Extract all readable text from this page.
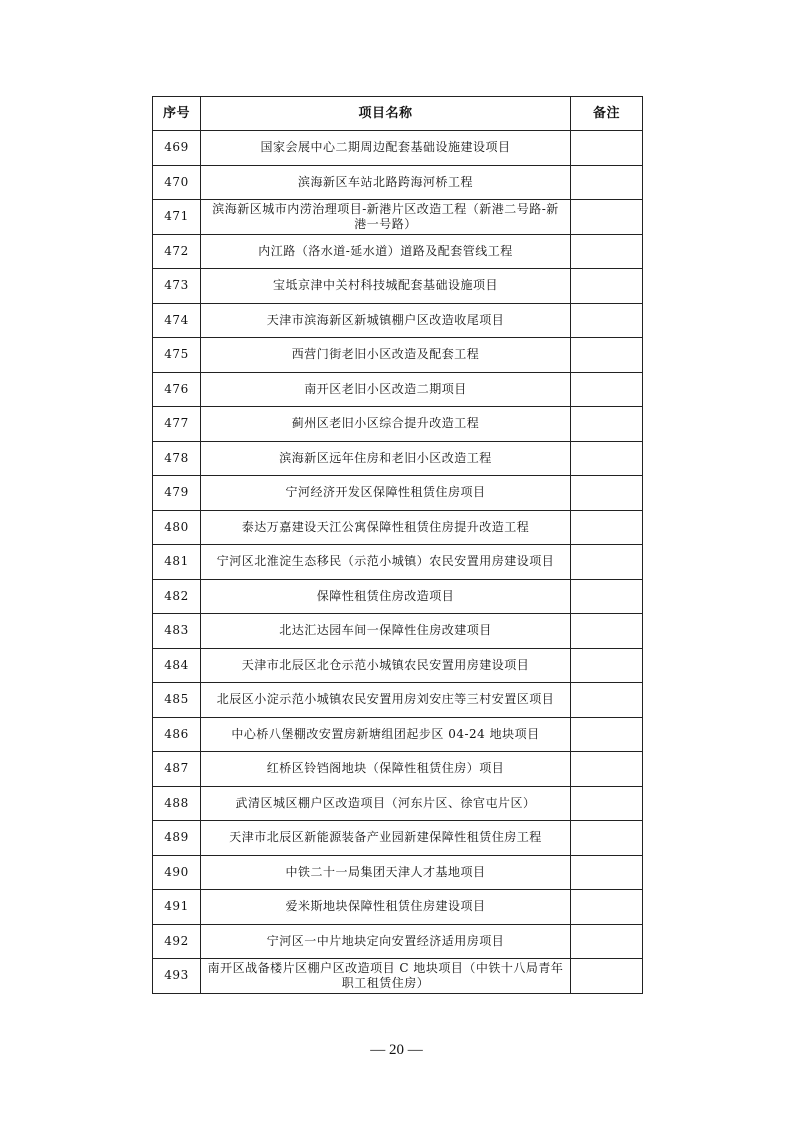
序号	项目名称	备注
469	国家会展中心二期周边配套基础设施建设项目	
470	滨海新区车站北路跨海河桥工程	
471	滨海新区城市内涝治理项目-新港片区改造工程（新港二号路-新港一号路）	
472	内江路（洛水道-延水道）道路及配套管线工程	
473	宝坻京津中关村科技城配套基础设施项目	
474	天津市滨海新区新城镇棚户区改造收尾项目	
475	西营门街老旧小区改造及配套工程	
476	南开区老旧小区改造二期项目	
477	蓟州区老旧小区综合提升改造工程	
478	滨海新区远年住房和老旧小区改造工程	
479	宁河经济开发区保障性租赁住房项目	
480	泰达万嘉建设天江公寓保障性租赁住房提升改造工程	
481	宁河区北淮淀生态移民（示范小城镇）农民安置用房建设项目	
482	保障性租赁住房改造项目	
483	北达汇达园车间一保障性住房改建项目	
484	天津市北辰区北仓示范小城镇农民安置用房建设项目	
485	北辰区小淀示范小城镇农民安置用房刘安庄等三村安置区项目	
486	中心桥八堡棚改安置房新塘组团起步区 04-24 地块项目	
487	红桥区铃铛阁地块（保障性租赁住房）项目	
488	武清区城区棚户区改造项目（河东片区、徐官屯片区）	
489	天津市北辰区新能源装备产业园新建保障性租赁住房工程	
490	中铁二十一局集团天津人才基地项目	
491	爱米斯地块保障性租赁住房建设项目	
492	宁河区一中片地块定向安置经济适用房项目	
493	南开区战备楼片区棚户区改造项目 C 地块项目（中铁十八局青年职工租赁住房）	
— 20 —
